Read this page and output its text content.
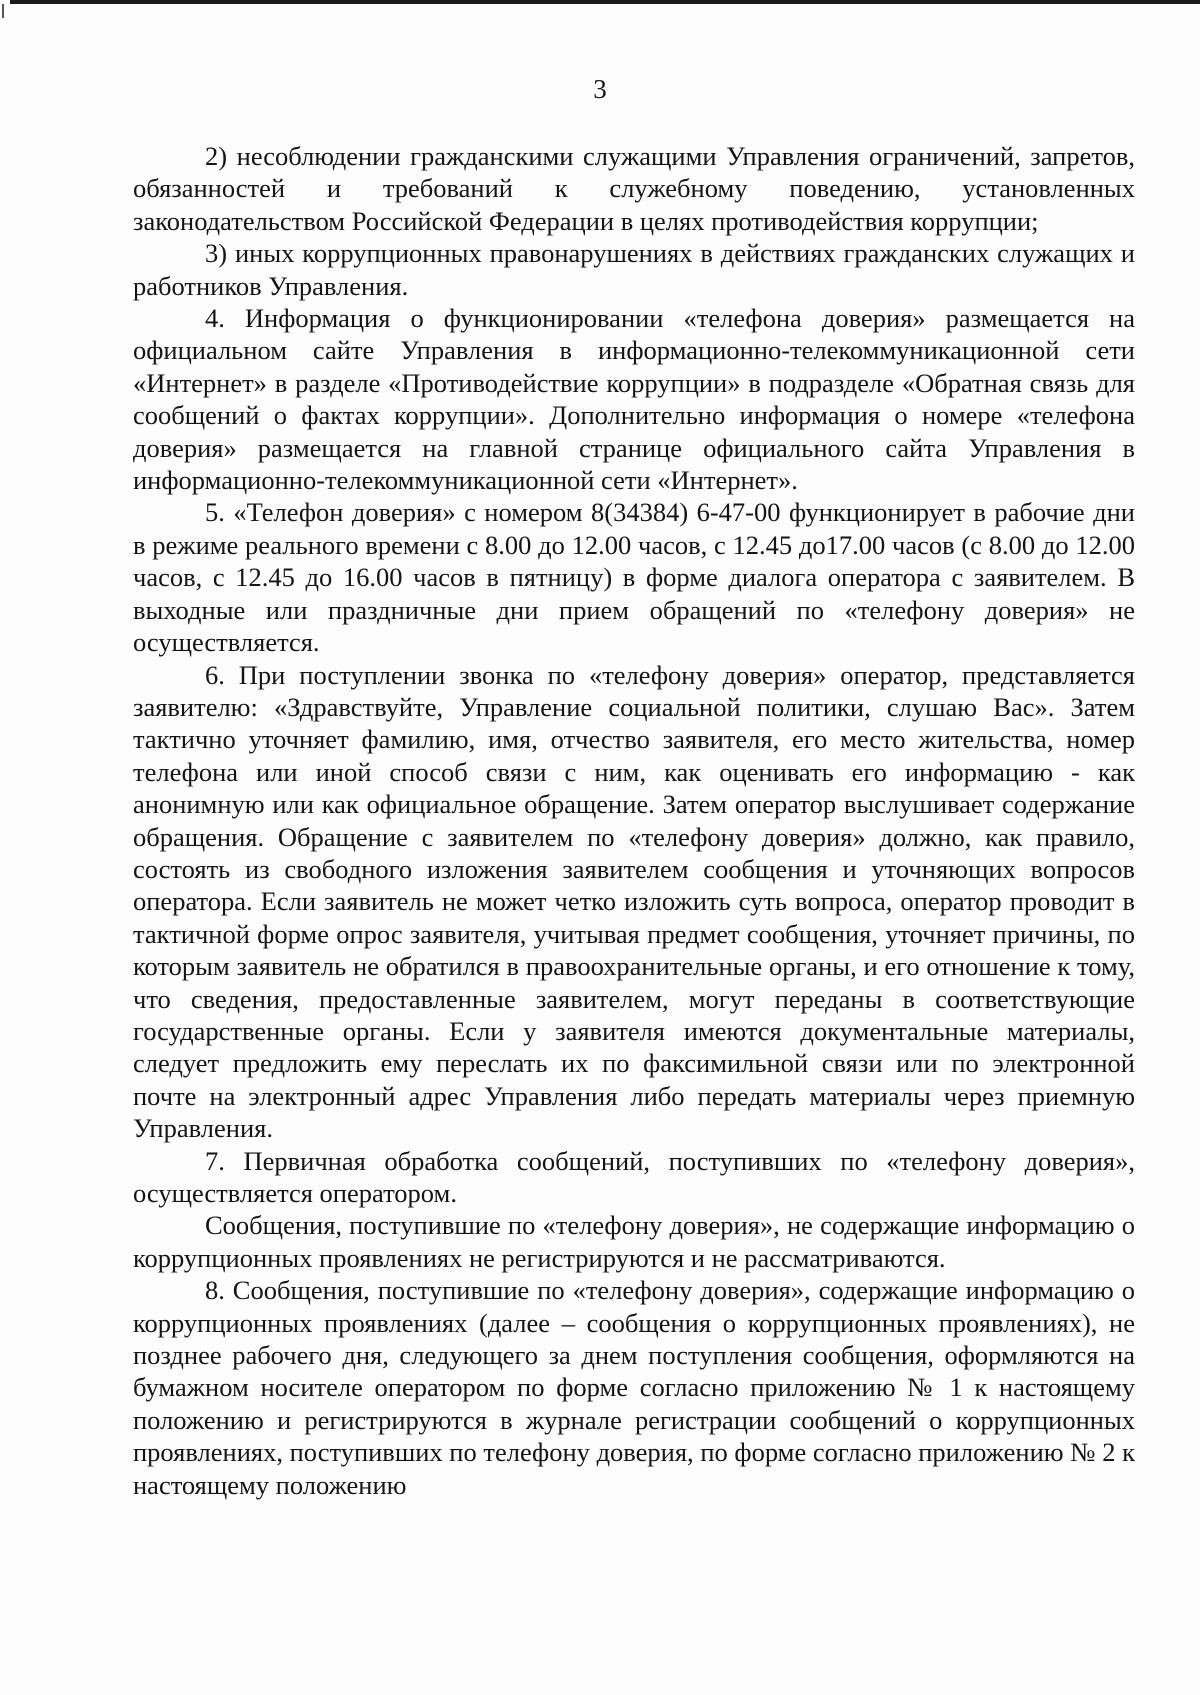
3

2) несоблюдении гражданскими служащими Управления ограничений, запретов, обязанностей и требований к служебному поведению, установленных законодательством Российской Федерации в целях противодействия коррупции;

3) иных коррупционных правонарушениях в действиях гражданских служащих и работников Управления.

4. Информация о функционировании «телефона доверия» размещается на официальном сайте Управления в информационно-телекоммуникационной сети «Интернет» в разделе «Противодействие коррупции» в подразделе «Обратная связь для сообщений о фактах коррупции». Дополнительно информация о номере «телефона доверия» размещается на главной странице официального сайта Управления в информационно-телекоммуникационной сети «Интернет».

5. «Телефон доверия» с номером 8(34384) 6-47-00 функционирует в рабочие дни в режиме реального времени с 8.00 до 12.00 часов, с 12.45 до17.00 часов (с 8.00 до 12.00 часов, с 12.45 до 16.00 часов в пятницу) в форме диалога оператора с заявителем. В выходные или праздничные дни прием обращений по «телефону доверия» не осуществляется.

6. При поступлении звонка по «телефону доверия» оператор, представляется заявителю: «Здравствуйте, Управление социальной политики, слушаю Вас». Затем тактично уточняет фамилию, имя, отчество заявителя, его место жительства, номер телефона или иной способ связи с ним, как оценивать его информацию - как анонимную или как официальное обращение. Затем оператор выслушивает содержание обращения. Обращение с заявителем по «телефону доверия» должно, как правило, состоять из свободного изложения заявителем сообщения и уточняющих вопросов оператора. Если заявитель не может четко изложить суть вопроса, оператор проводит в тактичной форме опрос заявителя, учитывая предмет сообщения, уточняет причины, по которым заявитель не обратился в правоохранительные органы, и его отношение к тому, что сведения, предоставленные заявителем, могут переданы в соответствующие государственные органы. Если у заявителя имеются документальные материалы, следует предложить ему переслать их по факсимильной связи или по электронной почте на электронный адрес Управления либо передать материалы через приемную Управления.

7. Первичная обработка сообщений, поступивших по «телефону доверия», осуществляется оператором.

Сообщения, поступившие по «телефону доверия», не содержащие информацию о коррупционных проявлениях не регистрируются и не рассматриваются.

8. Сообщения, поступившие по «телефону доверия», содержащие информацию о коррупционных проявлениях (далее – сообщения о коррупционных проявлениях), не позднее рабочего дня, следующего за днем поступления сообщения, оформляются на бумажном носителе оператором по форме согласно приложению № 1 к настоящему положению и регистрируются в журнале регистрации сообщений о коррупционных проявлениях, поступивших по телефону доверия, по форме согласно приложению № 2 к настоящему положению
